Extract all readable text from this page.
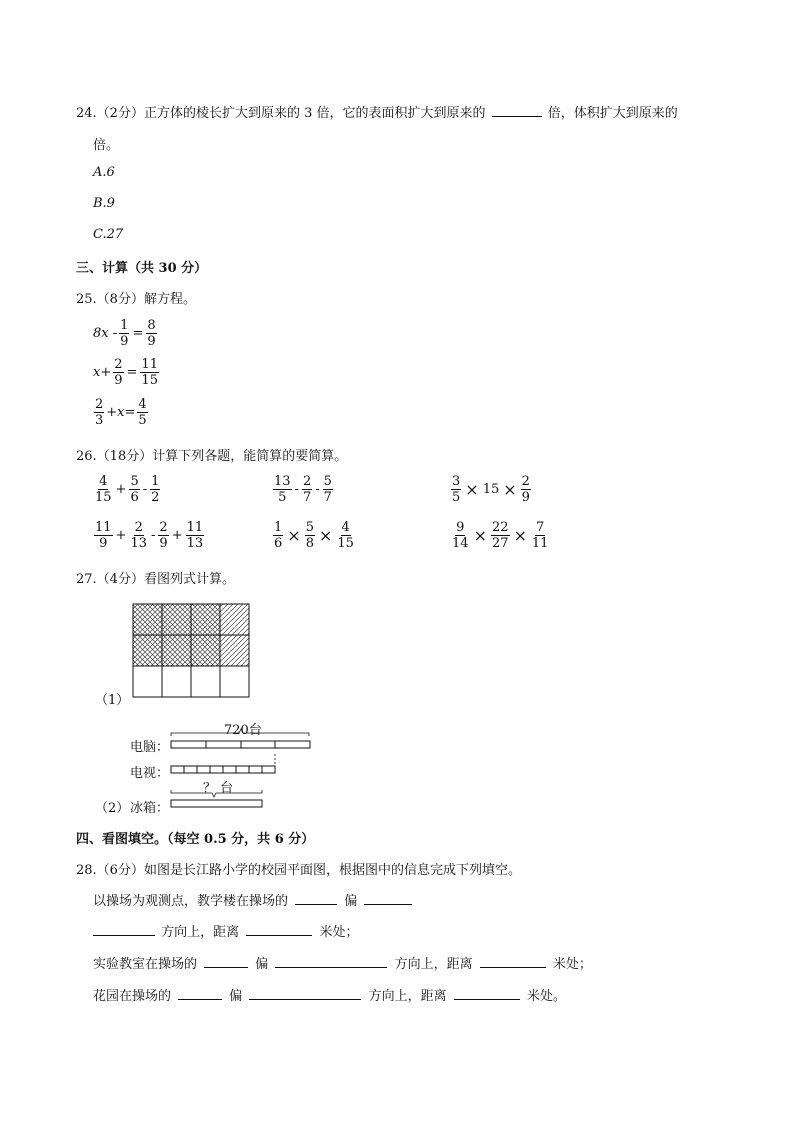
24.（2分）正方体的棱长扩大到原来的 3 倍，它的表面积扩大到原来的	倍，体积扩大到原来的
倍。
A.6
B.9
C.27
三、计算（共 30 分）
25.（8分）解方程。
$8x - \frac{1}{9} = \frac{8}{9}$
$x+ \frac{2}{9} = \frac{11}{15}$
$\frac{2}{3} +x= \frac{4}{5}$
26.（18分）计算下列各题，能简算的要简算。
$\frac{4}{15} + \frac{5}{6} - \frac{1}{2}$	$\frac{13}{5} - \frac{2}{7} - \frac{5}{7}$	$\frac{3}{5} \times 15 \times \frac{2}{9}$
$\frac{11}{9} + \frac{2}{13} - \frac{2}{9} + \frac{11}{13}$	$\frac{1}{6} \times \frac{5}{8} \times \frac{4}{15}$	$\frac{9}{14} \times \frac{22}{27} \times \frac{7}{11}$
27.（4分）看图列式计算。
（1）
720台
电脑：
电视：
？ 台
（2） 冰箱：
四、看图填空。（每空 0.5 分，共 6 分）
28.（6分）如图是长江路小学的校园平面图，根据图中的信息完成下列填空。
以操场为观测点，教学楼在操场的	偏
方向上，距离	米处；
实验教室在操场的	偏	方向上，距离	米处；
花园在操场的	偏	方向上，距离	米处。
